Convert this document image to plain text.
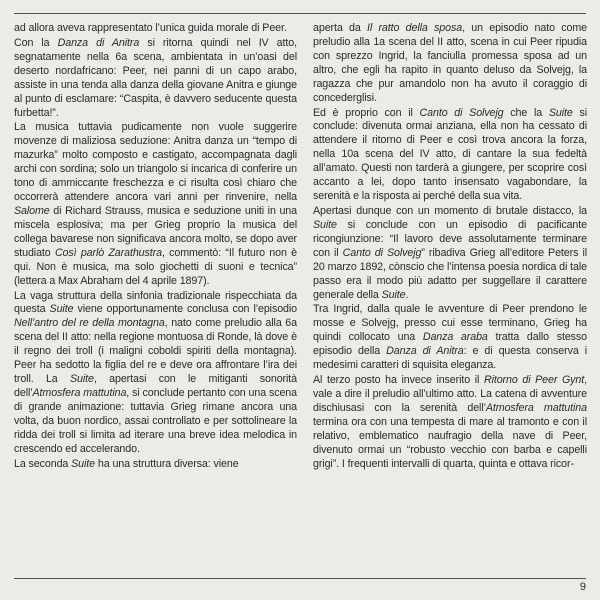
ad allora aveva rappresentato l’unica guida morale di Peer.

Con la Danza di Anitra si ritorna quindi nel IV atto, segnatamente nella 6a scena, ambientata in un’oasi del deserto nordafricano: Peer, nei panni di un capo arabo, assiste in una tenda alla danza della giovane Anitra e giunge al punto di esclamare: “Caspita, è davvero seducente questa furbetta!”.

La musica tuttavia pudicamente non vuole suggerire movenze di maliziosa seduzione: Anitra danza un “tempo di mazurka” molto composto e castigato, accompagnata dagli archi con sordina; solo un triangolo si incarica di conferire un tono di ammiccante freschezza e ci risulta così chiaro che occorrerà attendere ancora vari anni per rinvenire, nella Salome di Richard Strauss, musica e seduzione uniti in una miscela esplosiva; ma per Grieg proprio la musica del collega bavarese non significava ancora molto, se dopo aver studiato Così parlò Zarathustra, commentò: “Il futuro non è qui. Non è musica, ma solo giochetti di suoni e tecnica” (lettera a Max Abraham del 4 aprile 1897).

La vaga struttura della sinfonia tradizionale rispecchiata da questa Suite viene opportunamente conclusa con l’episodio Nell’antro del re della montagna, nato come preludio alla 6a scena del II atto: nella regione montuosa di Ronde, là dove è il regno dei troll (i maligni coboldi spiriti della montagna). Peer ha sedotto la figlia del re e deve ora affrontare l’ira dei troll. La Suite, apertasi con le mitiganti sonorità dell’Atmosfera mattutina, si conclude pertanto con una scena di grande animazione: tuttavia Grieg rimane ancora una volta, da buon nordico, assai controllato e per sottolineare la ridda dei troll si limita ad iterare una breve idea melodica in crescendo ed accelerando.

La seconda Suite ha una struttura diversa: viene

aperta da Il ratto della sposa, un episodio nato come preludio alla 1a scena del II atto, scena in cui Peer ripudia con sprezzo Ingrid, la fanciulla promessa sposa ad un altro, che egli ha rapito in quanto deluso da Solvejg, la ragazza che pur amandolo non ha avuto il coraggio di concederglisi.

Ed è proprio con il Canto di Solvejg che la Suite si conclude: divenuta ormai anziana, ella non ha cessato di attendere il ritorno di Peer e così trova ancora la forza, nella 10a scena del IV atto, di cantare la sua fedeltà all’amato. Questi non tarderà a giungere, per scoprire così accanto a lei, dopo tanto insensato vagabondare, la serenità e la risposta ai perché della sua vita.

Apertasi dunque con un momento di brutale distacco, la Suite si conclude con un episodio di pacificante ricongiunzione: “Il lavoro deve assolutamente terminare con il Canto di Solvejg” ribadiva Grieg all’editore Peters il 20 marzo 1892, cònscio che l’intensa poesia nordica di tale passo era il modo più adatto per suggellare il carattere generale della Suite.

Tra Ingrid, dalla quale le avventure di Peer prendono le mosse e Solvejg, presso cui esse terminano, Grieg ha quindi collocato una Danza araba tratta dallo stesso episodio della Danza di Anitra: e di questa conserva i medesimi caratteri di squisita eleganza.

Al terzo posto ha invece inserito il Ritorno di Peer Gynt, vale a dire il preludio all’ultimo atto. La catena di avventure dischiusasi con la serenità dell’Atmosfera mattutina termina ora con una tempesta di mare al tramonto e con il relativo, emblematico naufragio della nave di Peer, divenuto ormai un “robusto vecchio con barba e capelli grigi”. I frequenti intervalli di quarta, quinta e ottava ricor-

9
